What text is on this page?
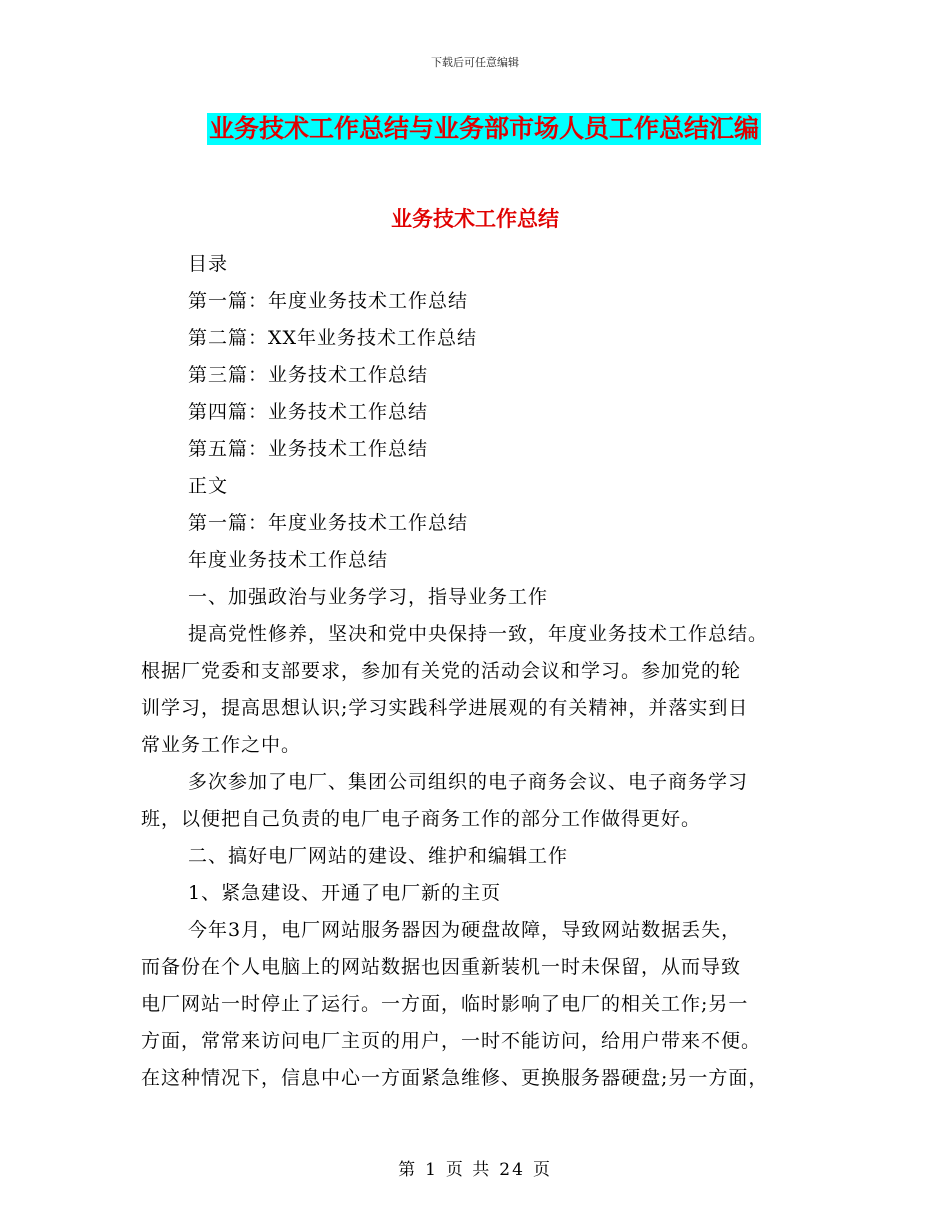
下载后可任意编辑
业务技术工作总结与业务部市场人员工作总结汇编
业务技术工作总结
目录
第一篇：年度业务技术工作总结
第二篇：XX年业务技术工作总结
第三篇：业务技术工作总结
第四篇：业务技术工作总结
第五篇：业务技术工作总结
正文
第一篇：年度业务技术工作总结
年度业务技术工作总结
一、加强政治与业务学习，指导业务工作
提高党性修养，坚决和党中央保持一致，年度业务技术工作总结。
根据厂党委和支部要求，参加有关党的活动会议和学习。参加党的轮
训学习，提高思想认识;学习实践科学进展观的有关精神，并落实到日
常业务工作之中。
多次参加了电厂、集团公司组织的电子商务会议、电子商务学习
班，以便把自己负责的电厂电子商务工作的部分工作做得更好。
二、搞好电厂网站的建设、维护和编辑工作
1、紧急建设、开通了电厂新的主页
今年3月，电厂网站服务器因为硬盘故障，导致网站数据丢失，
而备份在个人电脑上的网站数据也因重新装机一时未保留，从而导致
电厂网站一时停止了运行。一方面，临时影响了电厂的相关工作;另一
方面，常常来访问电厂主页的用户，一时不能访问，给用户带来不便。
在这种情况下，信息中心一方面紧急维修、更换服务器硬盘;另一方面，
第 1 页 共 24 页
